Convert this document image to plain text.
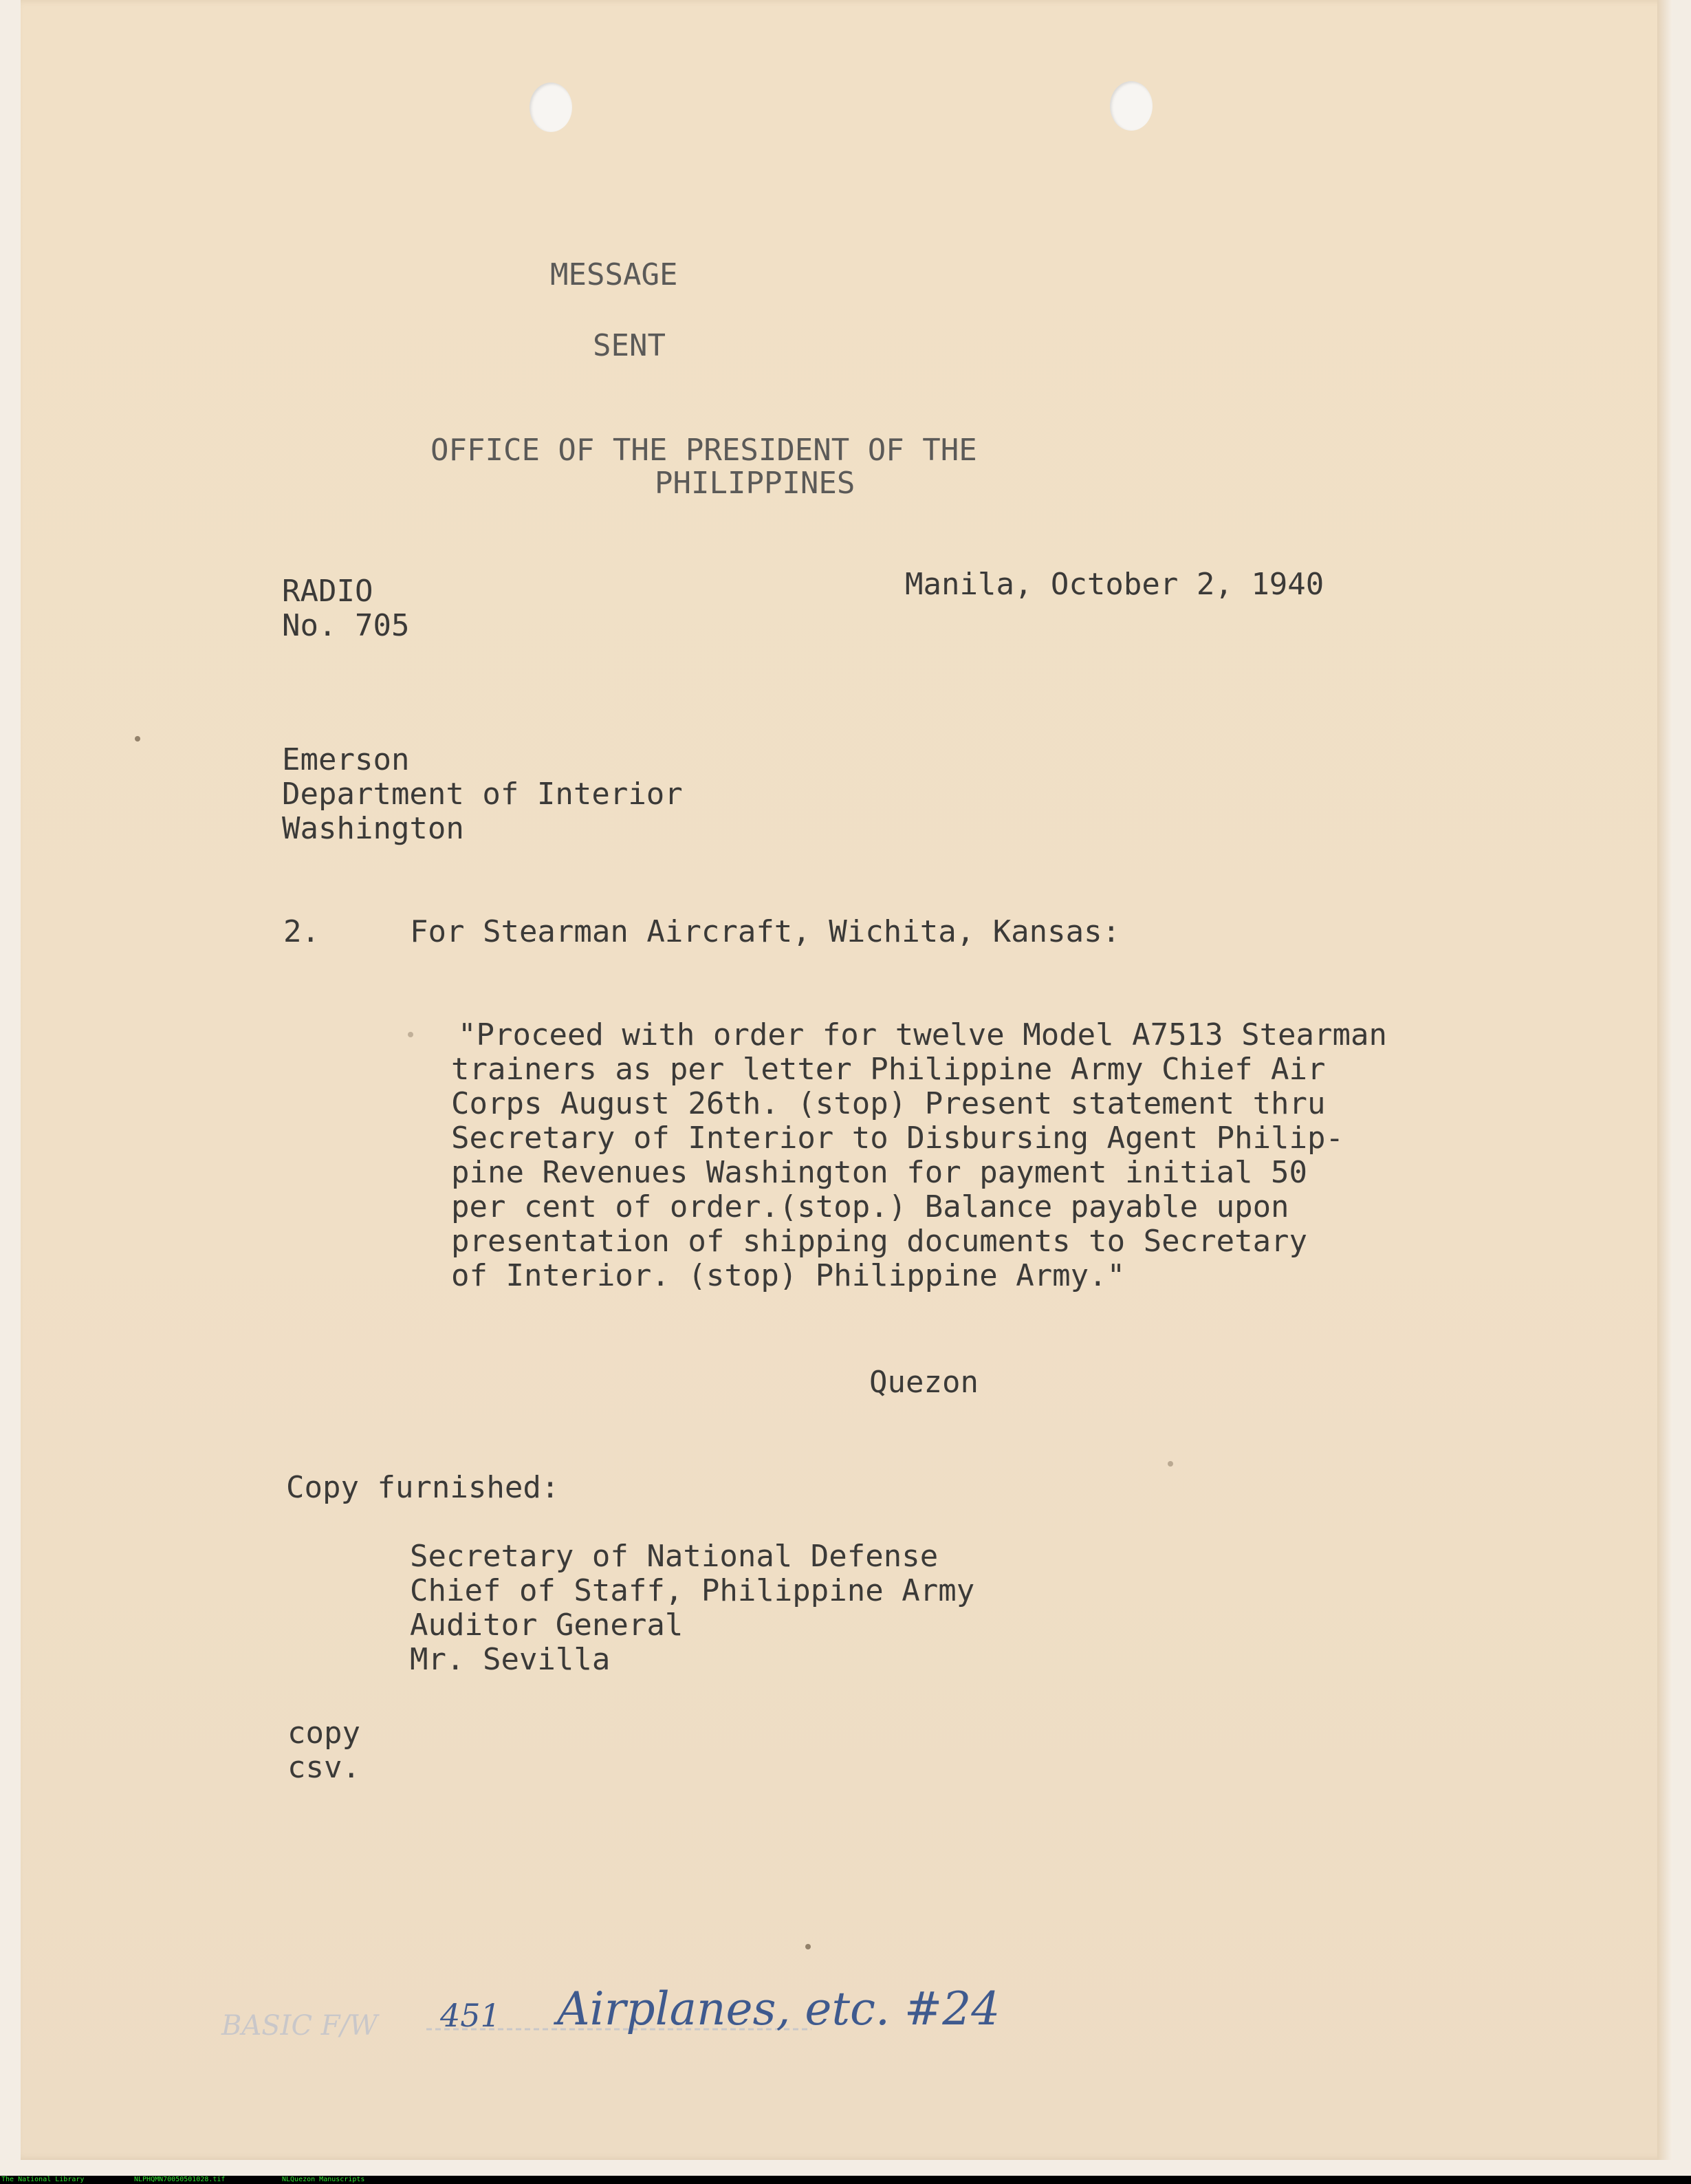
MESSAGE

SENT

OFFICE OF THE PRESIDENT OF THE

PHILIPPINES

RADIO

No. 705

Manila, October 2, 1940

Emerson

Department of Interior

Washington

2.	For Stearman Aircraft, Wichita, Kansas:

"Proceed with order for twelve Model A7513 Stearman

trainers as per letter Philippine Army Chief Air

Corps August 26th. (stop) Present statement thru

Secretary of Interior to Disbursing Agent Philip-

pine Revenues Washington for payment initial 50

per cent of order.(stop.) Balance payable upon

presentation of shipping documents to Secretary

of Interior. (stop) Philippine Army."

Quezon

Copy furnished:

Secretary of National Defense

Chief of Staff, Philippine Army

Auditor General

Mr. Sevilla

copy

csv.

BASIC F/W 451 Airplanes, etc. #24

The National Library	NLPHQMN70050501028.tif	NLQuezon Manuscripts
